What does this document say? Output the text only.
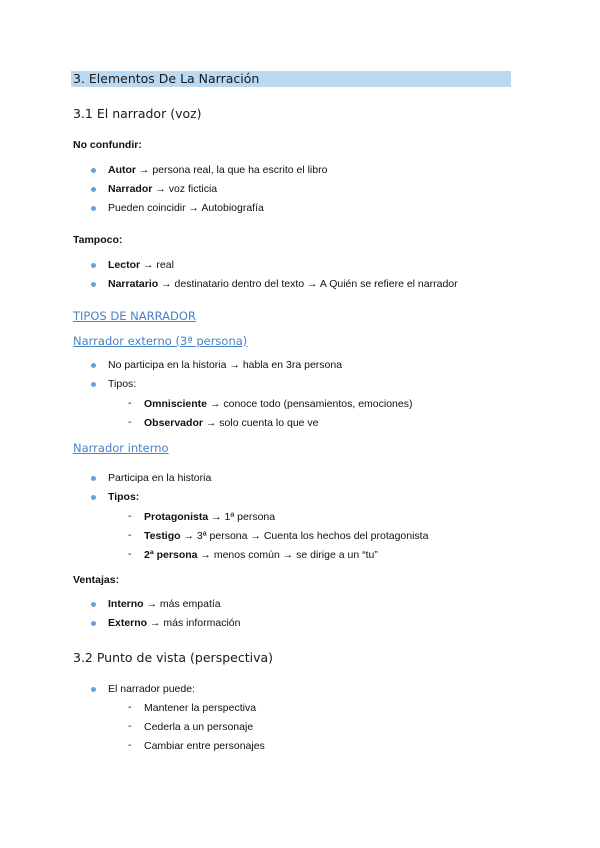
3. Elementos De La Narración
3.1 El narrador (voz)
No confundir:
Autor → persona real, la que ha escrito el libro
Narrador → voz ficticia
Pueden coincidir → Autobiografía
Tampoco:
Lector → real
Narratario → destinatario dentro del texto → A Quién se refiere el narrador
TIPOS DE NARRADOR
Narrador externo (3ª persona)
No participa en la historia → habla en 3ra persona
Tipos:
- Omnisciente → conoce todo (pensamientos, emociones)
- Observador → solo cuenta lo que ve
Narrador interno
Participa en la historia
Tipos:
- Protagonista → 1ª persona
- Testigo → 3ª persona → Cuenta los hechos del protagonista
- 2ª persona → menos común → se dirige a un “tu”
Ventajas:
Interno → más empatía
Externo → más información
3.2 Punto de vista (perspectiva)
El narrador puede:
- Mantener la perspectiva
- Cederla a un personaje
- Cambiar entre personajes
